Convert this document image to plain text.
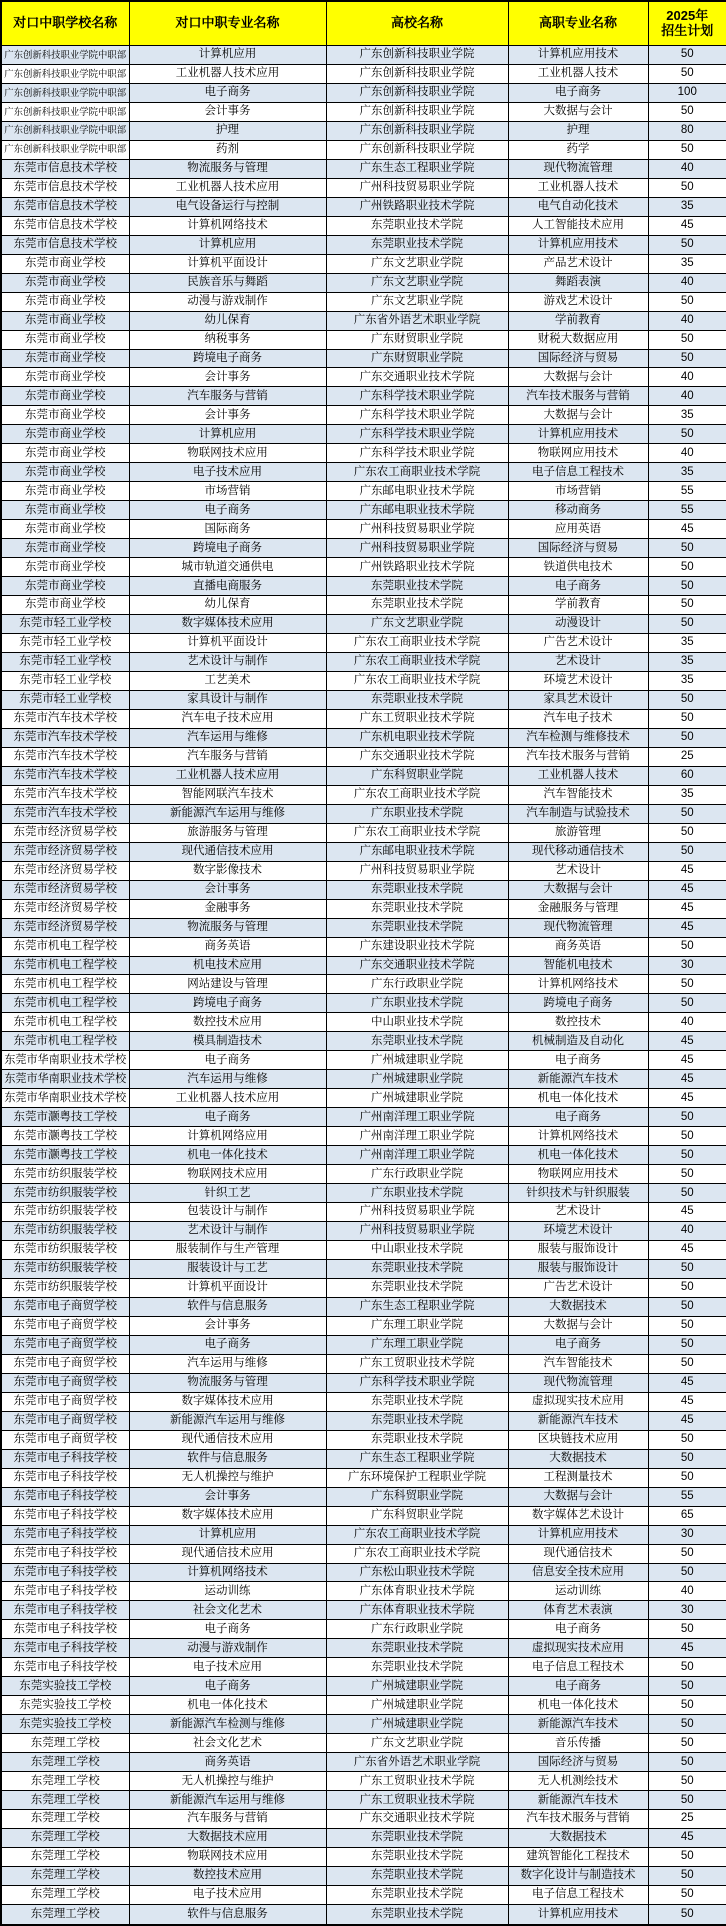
对口中职学校名称	对口中职专业名称	高校名称	高职专业名称	2025年
招生计划
广东创新科技职业学院中职部	计算机应用	广东创新科技职业学院	计算机应用技术	50
广东创新科技职业学院中职部	工业机器人技术应用	广东创新科技职业学院	工业机器人技术	50
广东创新科技职业学院中职部	电子商务	广东创新科技职业学院	电子商务	100
广东创新科技职业学院中职部	会计事务	广东创新科技职业学院	大数据与会计	50
广东创新科技职业学院中职部	护理	广东创新科技职业学院	护理	80
广东创新科技职业学院中职部	药剂	广东创新科技职业学院	药学	50
东莞市信息技术学校	物流服务与管理	广东生态工程职业学院	现代物流管理	40
东莞市信息技术学校	工业机器人技术应用	广州科技贸易职业学院	工业机器人技术	50
东莞市信息技术学校	电气设备运行与控制	广州铁路职业技术学院	电气自动化技术	35
东莞市信息技术学校	计算机网络技术	东莞职业技术学院	人工智能技术应用	45
东莞市信息技术学校	计算机应用	东莞职业技术学院	计算机应用技术	50
东莞市商业学校	计算机平面设计	广东文艺职业学院	产品艺术设计	35
东莞市商业学校	民族音乐与舞蹈	广东文艺职业学院	舞蹈表演	40
东莞市商业学校	动漫与游戏制作	广东文艺职业学院	游戏艺术设计	50
东莞市商业学校	幼儿保育	广东省外语艺术职业学院	学前教育	40
东莞市商业学校	纳税事务	广东财贸职业学院	财税大数据应用	50
东莞市商业学校	跨境电子商务	广东财贸职业学院	国际经济与贸易	50
东莞市商业学校	会计事务	广东交通职业技术学院	大数据与会计	40
东莞市商业学校	汽车服务与营销	广东科学技术职业学院	汽车技术服务与营销	40
东莞市商业学校	会计事务	广东科学技术职业学院	大数据与会计	35
东莞市商业学校	计算机应用	广东科学技术职业学院	计算机应用技术	50
东莞市商业学校	物联网技术应用	广东科学技术职业学院	物联网应用技术	40
东莞市商业学校	电子技术应用	广东农工商职业技术学院	电子信息工程技术	35
东莞市商业学校	市场营销	广东邮电职业技术学院	市场营销	55
东莞市商业学校	电子商务	广东邮电职业技术学院	移动商务	55
东莞市商业学校	国际商务	广州科技贸易职业学院	应用英语	45
东莞市商业学校	跨境电子商务	广州科技贸易职业学院	国际经济与贸易	50
东莞市商业学校	城市轨道交通供电	广州铁路职业技术学院	铁道供电技术	50
东莞市商业学校	直播电商服务	东莞职业技术学院	电子商务	50
东莞市商业学校	幼儿保育	东莞职业技术学院	学前教育	50
东莞市轻工业学校	数字媒体技术应用	广东文艺职业学院	动漫设计	50
东莞市轻工业学校	计算机平面设计	广东农工商职业技术学院	广告艺术设计	35
东莞市轻工业学校	艺术设计与制作	广东农工商职业技术学院	艺术设计	35
东莞市轻工业学校	工艺美术	广东农工商职业技术学院	环境艺术设计	35
东莞市轻工业学校	家具设计与制作	东莞职业技术学院	家具艺术设计	50
东莞市汽车技术学校	汽车电子技术应用	广东工贸职业技术学院	汽车电子技术	50
东莞市汽车技术学校	汽车运用与维修	广东机电职业技术学院	汽车检测与维修技术	50
东莞市汽车技术学校	汽车服务与营销	广东交通职业技术学院	汽车技术服务与营销	25
东莞市汽车技术学校	工业机器人技术应用	广东科贸职业学院	工业机器人技术	60
东莞市汽车技术学校	智能网联汽车技术	广东农工商职业技术学院	汽车智能技术	35
东莞市汽车技术学校	新能源汽车运用与维修	广东职业技术学院	汽车制造与试验技术	50
东莞市经济贸易学校	旅游服务与管理	广东农工商职业技术学院	旅游管理	50
东莞市经济贸易学校	现代通信技术应用	广东邮电职业技术学院	现代移动通信技术	50
东莞市经济贸易学校	数字影像技术	广州科技贸易职业学院	艺术设计	45
东莞市经济贸易学校	会计事务	东莞职业技术学院	大数据与会计	45
东莞市经济贸易学校	金融事务	东莞职业技术学院	金融服务与管理	45
东莞市经济贸易学校	物流服务与管理	东莞职业技术学院	现代物流管理	45
东莞市机电工程学校	商务英语	广东建设职业技术学院	商务英语	50
东莞市机电工程学校	机电技术应用	广东交通职业技术学院	智能机电技术	30
东莞市机电工程学校	网站建设与管理	广东行政职业学院	计算机网络技术	50
东莞市机电工程学校	跨境电子商务	广东职业技术学院	跨境电子商务	50
东莞市机电工程学校	数控技术应用	中山职业技术学院	数控技术	40
东莞市机电工程学校	模具制造技术	东莞职业技术学院	机械制造及自动化	45
东莞市华南职业技术学校	电子商务	广州城建职业学院	电子商务	45
东莞市华南职业技术学校	汽车运用与维修	广州城建职业学院	新能源汽车技术	45
东莞市华南职业技术学校	工业机器人技术应用	广州城建职业学院	机电一体化技术	45
东莞市灏粤技工学校	电子商务	广州南洋理工职业学院	电子商务	50
东莞市灏粤技工学校	计算机网络应用	广州南洋理工职业学院	计算机网络技术	50
东莞市灏粤技工学校	机电一体化技术	广州南洋理工职业学院	机电一体化技术	50
东莞市纺织服装学校	物联网技术应用	广东行政职业学院	物联网应用技术	50
东莞市纺织服装学校	针织工艺	广东职业技术学院	针织技术与针织服装	50
东莞市纺织服装学校	包装设计与制作	广州科技贸易职业学院	艺术设计	45
东莞市纺织服装学校	艺术设计与制作	广州科技贸易职业学院	环境艺术设计	40
东莞市纺织服装学校	服装制作与生产管理	中山职业技术学院	服装与服饰设计	45
东莞市纺织服装学校	服装设计与工艺	东莞职业技术学院	服装与服饰设计	50
东莞市纺织服装学校	计算机平面设计	东莞职业技术学院	广告艺术设计	50
东莞市电子商贸学校	软件与信息服务	广东生态工程职业学院	大数据技术	50
东莞市电子商贸学校	会计事务	广东理工职业学院	大数据与会计	50
东莞市电子商贸学校	电子商务	广东理工职业学院	电子商务	50
东莞市电子商贸学校	汽车运用与维修	广东工贸职业技术学院	汽车智能技术	50
东莞市电子商贸学校	物流服务与管理	广东科学技术职业学院	现代物流管理	45
东莞市电子商贸学校	数字媒体技术应用	东莞职业技术学院	虚拟现实技术应用	45
东莞市电子商贸学校	新能源汽车运用与维修	东莞职业技术学院	新能源汽车技术	45
东莞市电子商贸学校	现代通信技术应用	东莞职业技术学院	区块链技术应用	50
东莞市电子科技学校	软件与信息服务	广东生态工程职业学院	大数据技术	50
东莞市电子科技学校	无人机操控与维护	广东环境保护工程职业学院	工程测量技术	50
东莞市电子科技学校	会计事务	广东科贸职业学院	大数据与会计	55
东莞市电子科技学校	数字媒体技术应用	广东科贸职业学院	数字媒体艺术设计	65
东莞市电子科技学校	计算机应用	广东农工商职业技术学院	计算机应用技术	30
东莞市电子科技学校	现代通信技术应用	广东农工商职业技术学院	现代通信技术	50
东莞市电子科技学校	计算机网络技术	广东松山职业技术学院	信息安全技术应用	50
东莞市电子科技学校	运动训练	广东体育职业技术学院	运动训练	40
东莞市电子科技学校	社会文化艺术	广东体育职业技术学院	体育艺术表演	30
东莞市电子科技学校	电子商务	广东行政职业学院	电子商务	50
东莞市电子科技学校	动漫与游戏制作	东莞职业技术学院	虚拟现实技术应用	45
东莞市电子科技学校	电子技术应用	东莞职业技术学院	电子信息工程技术	50
东莞实验技工学校	电子商务	广州城建职业学院	电子商务	50
东莞实验技工学校	机电一体化技术	广州城建职业学院	机电一体化技术	50
东莞实验技工学校	新能源汽车检测与维修	广州城建职业学院	新能源汽车技术	50
东莞理工学校	社会文化艺术	广东文艺职业学院	音乐传播	50
东莞理工学校	商务英语	广东省外语艺术职业学院	国际经济与贸易	50
东莞理工学校	无人机操控与维护	广东工贸职业技术学院	无人机测绘技术	50
东莞理工学校	新能源汽车运用与维修	广东工贸职业技术学院	新能源汽车技术	50
东莞理工学校	汽车服务与营销	广东交通职业技术学院	汽车技术服务与营销	25
东莞理工学校	大数据技术应用	东莞职业技术学院	大数据技术	45
东莞理工学校	物联网技术应用	东莞职业技术学院	建筑智能化工程技术	50
东莞理工学校	数控技术应用	东莞职业技术学院	数字化设计与制造技术	50
东莞理工学校	电子技术应用	东莞职业技术学院	电子信息工程技术	50
东莞理工学校	软件与信息服务	东莞职业技术学院	计算机应用技术	50
